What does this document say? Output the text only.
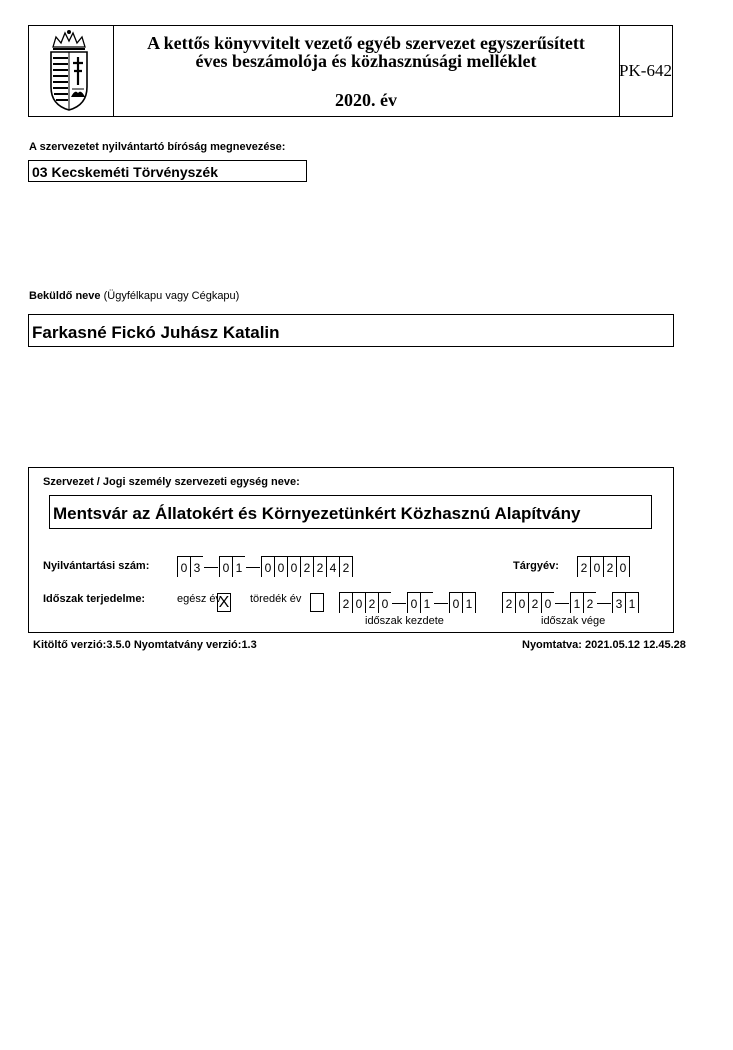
A kettős könyvvitelt vezető egyéb szervezet egyszerűsített
éves beszámolója és közhasznúsági melléklet
2020. év
PK-642
A szervezetet nyilvántartó bíróság megnevezése:
03 Kecskeméti Törvényszék
Beküldő neve (Ügyfélkapu vagy Cégkapu)
Farkasné Fickó Juhász Katalin
Szervezet / Jogi személy szervezeti egység neve:
Mentsvár az Állatokért és Környezetünkért Közhasznú Alapítvány
Nyilvántartási szám:	0 3	0 1	0 0 0 2 2 4 2	Tárgyév:	2 0 2 0
Időszak terjedelme:	egész év
X töredék év	2 0 2 0	0 1	0 1
időszak kezdete
2 0 2 0	1 2	3 1
időszak vége
Kitöltő verzió:3.5.0 Nyomtatvány verzió:1.3	Nyomtatva: 2021.05.12 12.45.28
